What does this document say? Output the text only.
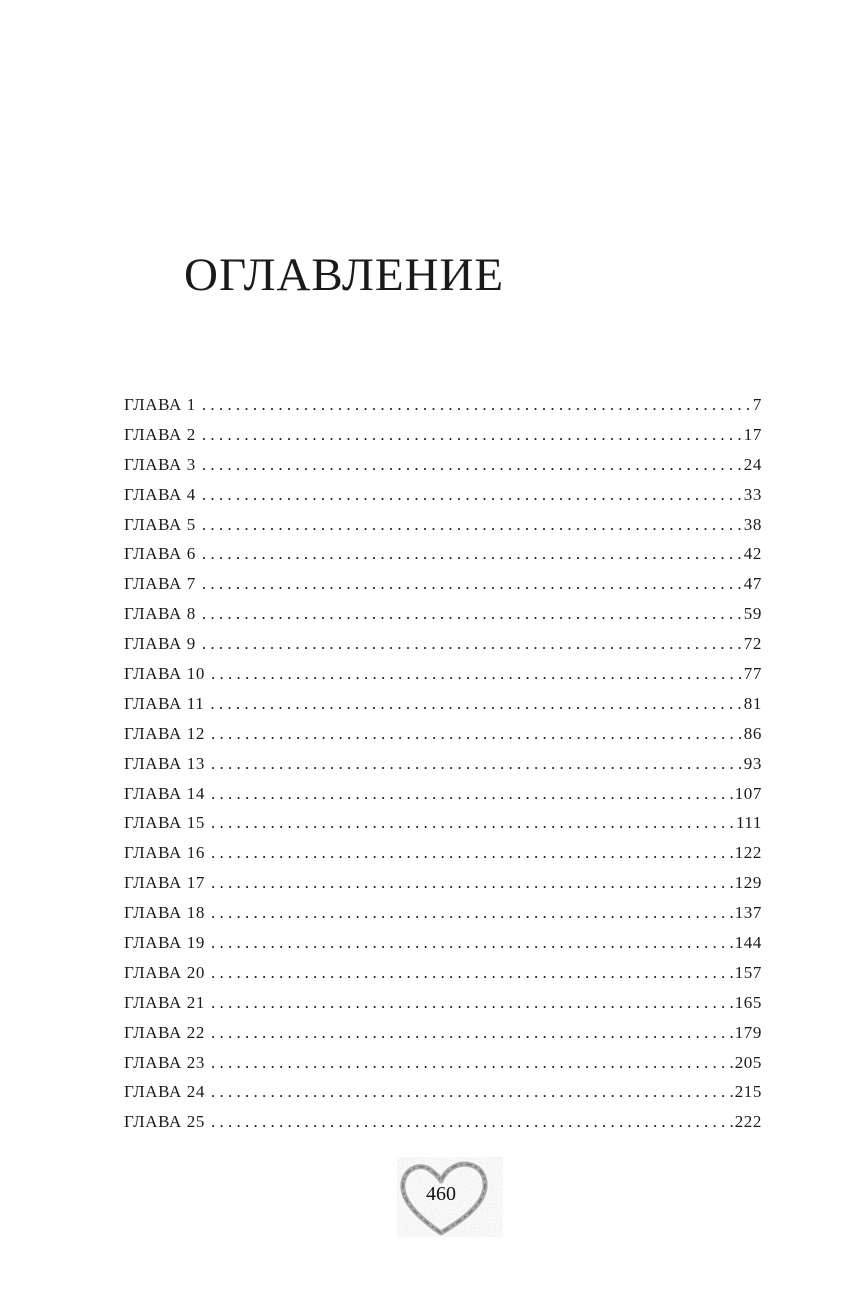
ОГЛАВЛЕНИЕ
ГЛАВА 1 . . .	7
ГЛАВА 2 . . .	17
ГЛАВА 3 . . .	24
ГЛАВА 4 . . .	33
ГЛАВА 5 . . .	38
ГЛАВА 6 . . .	42
ГЛАВА 7 . . .	47
ГЛАВА 8 . . .	59
ГЛАВА 9 . . .	72
ГЛАВА 10 . . .	77
ГЛАВА 11 . . .	81
ГЛАВА 12 . . .	86
ГЛАВА 13 . . .	93
ГЛАВА 14 . . .	107
ГЛАВА 15 . . .	111
ГЛАВА 16 . . .	122
ГЛАВА 17 . . .	129
ГЛАВА 18 . . .	137
ГЛАВА 19 . . .	144
ГЛАВА 20 . . .	157
ГЛАВА 21 . . .	165
ГЛАВА 22 . . .	179
ГЛАВА 23 . . .	205
ГЛАВА 24 . . .	215
ГЛАВА 25 . . .	222
460
